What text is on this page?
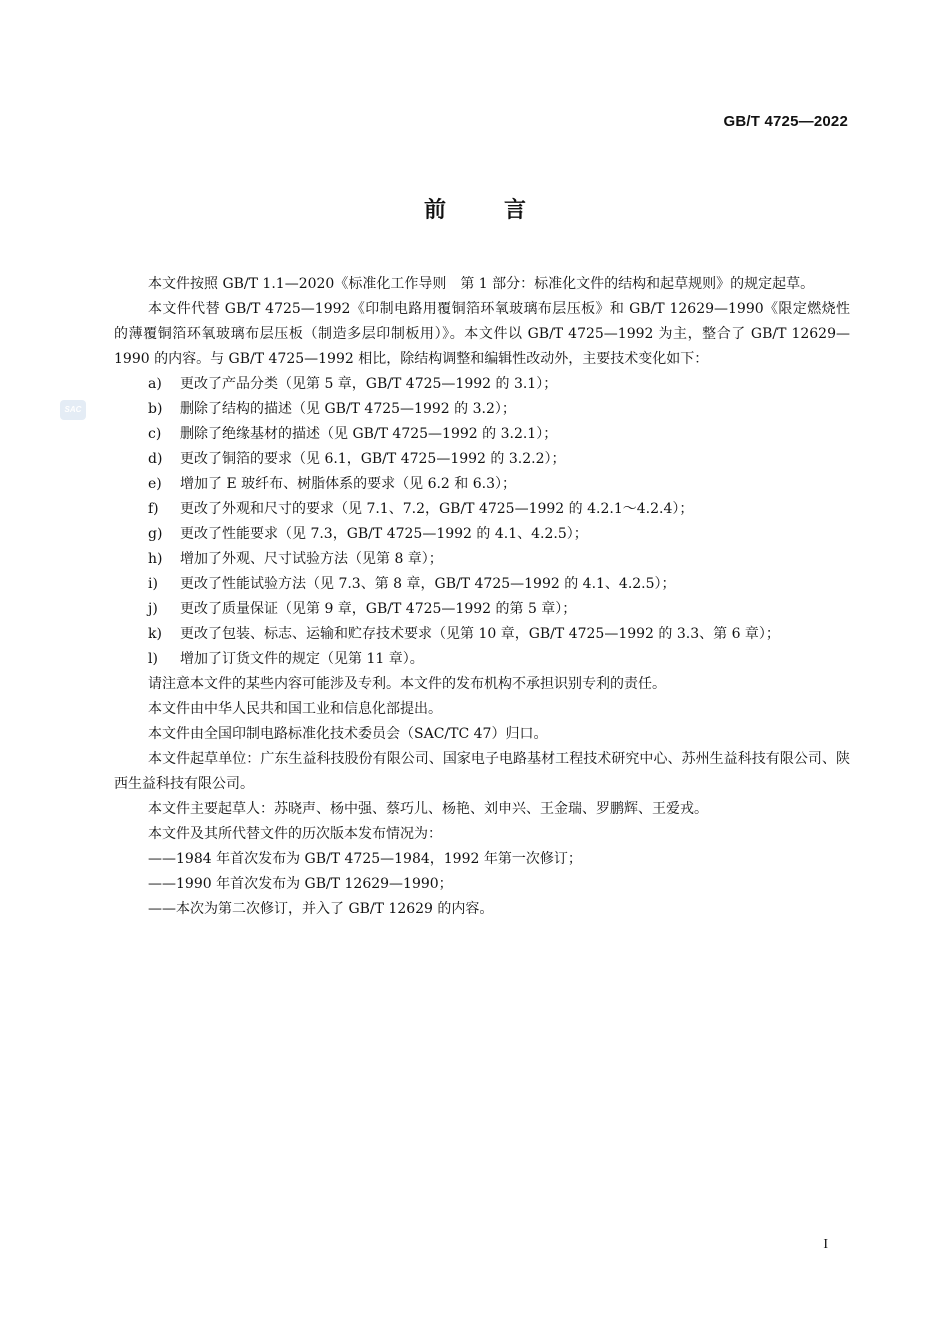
GB/T 4725—2022
前言
SAC

本文件按照 GB/T 1.1—2020《标准化工作导则　第 1 部分：标准化文件的结构和起草规则》的规定起草。

本文件代替 GB/T 4725—1992《印制电路用覆铜箔环氧玻璃布层压板》和 GB/T 12629—1990《限定燃烧性的薄覆铜箔环氧玻璃布层压板（制造多层印制板用）》。本文件以 GB/T 4725—1992 为主，整合了 GB/T 12629—1990 的内容。与 GB/T 4725—1992 相比，除结构调整和编辑性改动外，主要技术变化如下：

a)	更改了产品分类（见第 5 章，GB/T 4725—1992 的 3.1）；
b)	删除了结构的描述（见 GB/T 4725—1992 的 3.2）；
c)	删除了绝缘基材的描述（见 GB/T 4725—1992 的 3.2.1）；
d)	更改了铜箔的要求（见 6.1，GB/T 4725—1992 的 3.2.2）；
e)	增加了 E 玻纤布、树脂体系的要求（见 6.2 和 6.3）；
f)	更改了外观和尺寸的要求（见 7.1、7.2，GB/T 4725—1992 的 4.2.1～4.2.4）；
g)	更改了性能要求（见 7.3，GB/T 4725—1992 的 4.1、4.2.5）；
h)	增加了外观、尺寸试验方法（见第 8 章）；
i)	更改了性能试验方法（见 7.3、第 8 章，GB/T 4725—1992 的 4.1、4.2.5）；
j)	更改了质量保证（见第 9 章，GB/T 4725—1992 的第 5 章）；
k)	更改了包装、标志、运输和贮存技术要求（见第 10 章，GB/T 4725—1992 的 3.3、第 6 章）；
l)	增加了订货文件的规定（见第 11 章）。

请注意本文件的某些内容可能涉及专利。本文件的发布机构不承担识别专利的责任。

本文件由中华人民共和国工业和信息化部提出。

本文件由全国印制电路标准化技术委员会（SAC/TC 47）归口。

本文件起草单位：广东生益科技股份有限公司、国家电子电路基材工程技术研究中心、苏州生益科技有限公司、陕西生益科技有限公司。

本文件主要起草人：苏晓声、杨中强、蔡巧儿、杨艳、刘申兴、王金瑞、罗鹏辉、王爱戎。

本文件及其所代替文件的历次版本发布情况为：

——1984 年首次发布为 GB/T 4725—1984，1992 年第一次修订；

——1990 年首次发布为 GB/T 12629—1990；

——本次为第二次修订，并入了 GB/T 12629 的内容。

I
